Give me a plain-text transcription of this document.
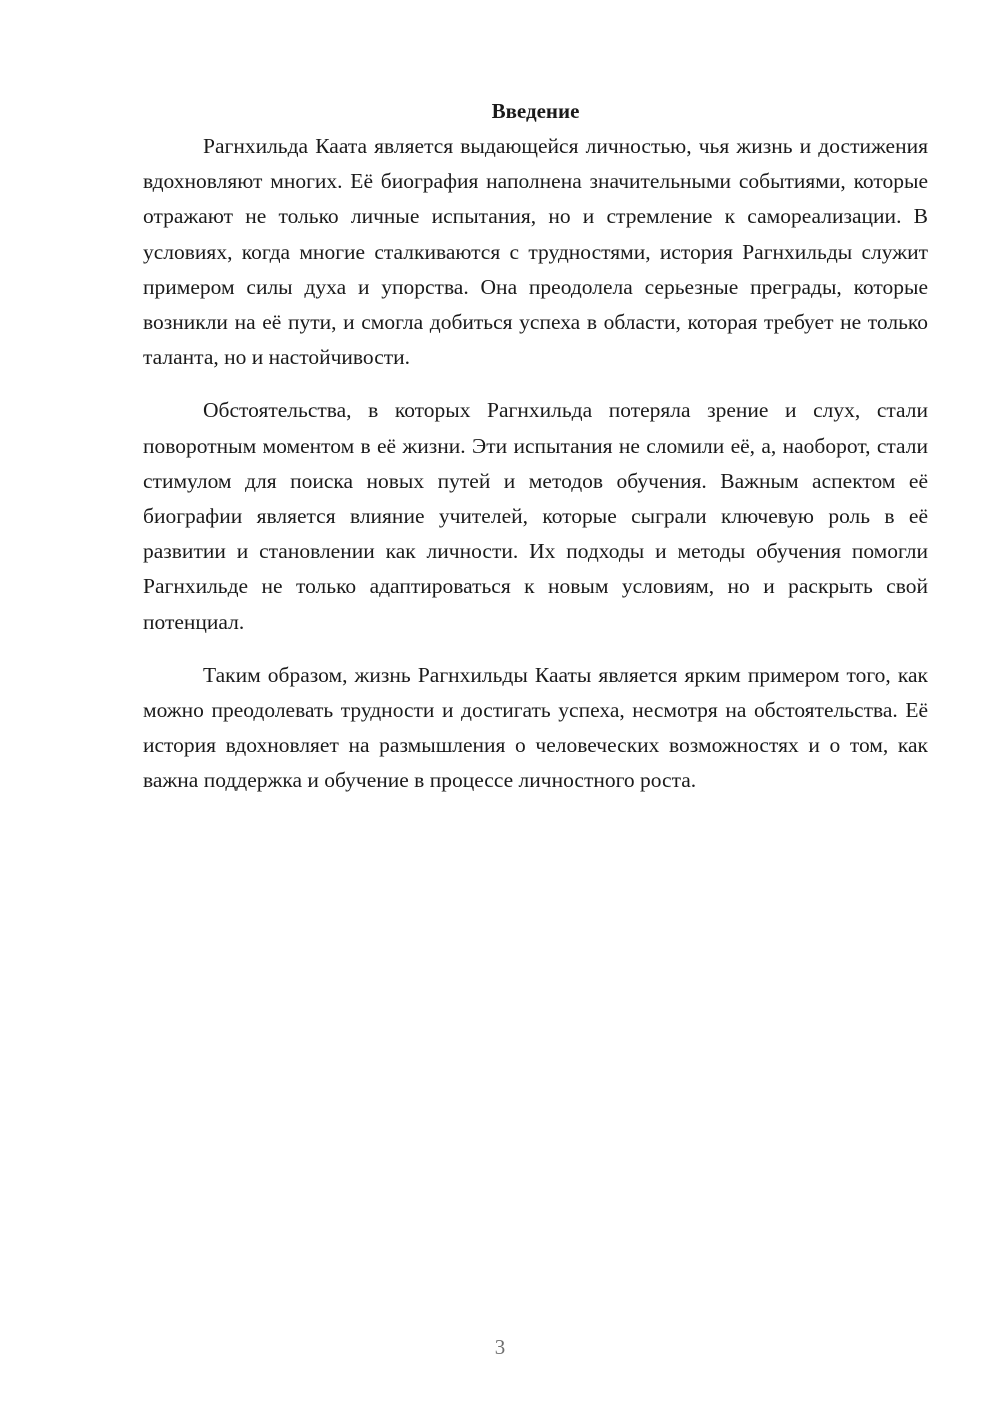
Введение

Рагнхильда Каата является выдающейся личностью, чья жизнь и достижения вдохновляют многих. Её биография наполнена значительными событиями, которые отражают не только личные испытания, но и стремление к самореализации. В условиях, когда многие сталкиваются с трудностями, история Рагнхильды служит примером силы духа и упорства. Она преодолела серьезные преграды, которые возникли на её пути, и смогла добиться успеха в области, которая требует не только таланта, но и настойчивости.

Обстоятельства, в которых Рагнхильда потеряла зрение и слух, стали поворотным моментом в её жизни. Эти испытания не сломили её, а, наоборот, стали стимулом для поиска новых путей и методов обучения. Важным аспектом её биографии является влияние учителей, которые сыграли ключевую роль в её развитии и становлении как личности. Их подходы и методы обучения помогли Рагнхильде не только адаптироваться к новым условиям, но и раскрыть свой потенциал.

Таким образом, жизнь Рагнхильды Кааты является ярким примером того, как можно преодолевать трудности и достигать успеха, несмотря на обстоятельства. Её история вдохновляет на размышления о человеческих возможностях и о том, как важна поддержка и обучение в процессе личностного роста.

3
